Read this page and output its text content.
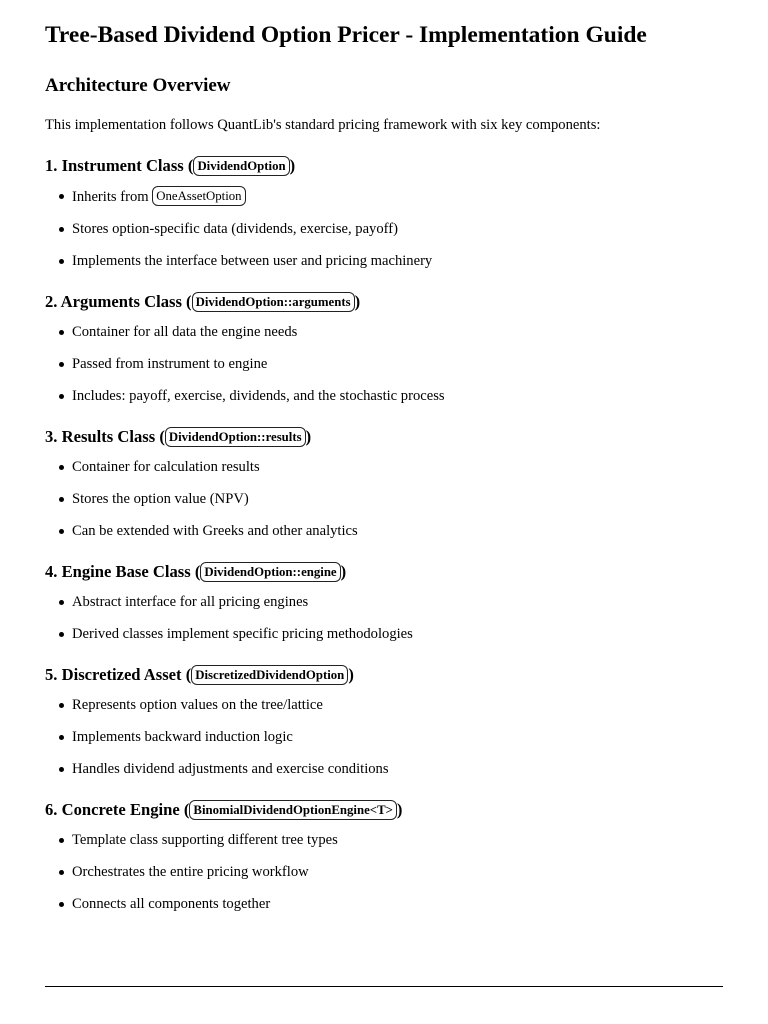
Tree-Based Dividend Option Pricer - Implementation Guide
Architecture Overview

This implementation follows QuantLib's standard pricing framework with six key components:

1. Instrument Class ( DividendOption )
Inherits from OneAssetOption
Stores option-specific data (dividends, exercise, payoff)
Implements the interface between user and pricing machinery
2. Arguments Class ( DividendOption::arguments )
Container for all data the engine needs
Passed from instrument to engine
Includes: payoff, exercise, dividends, and the stochastic process
3. Results Class ( DividendOption::results )
Container for calculation results
Stores the option value (NPV)
Can be extended with Greeks and other analytics
4. Engine Base Class ( DividendOption::engine )
Abstract interface for all pricing engines
Derived classes implement specific pricing methodologies
5. Discretized Asset ( DiscretizedDividendOption )
Represents option values on the tree/lattice
Implements backward induction logic
Handles dividend adjustments and exercise conditions
6. Concrete Engine ( BinomialDividendOptionEngine<T> )
Template class supporting different tree types
Orchestrates the entire pricing workflow
Connects all components together
